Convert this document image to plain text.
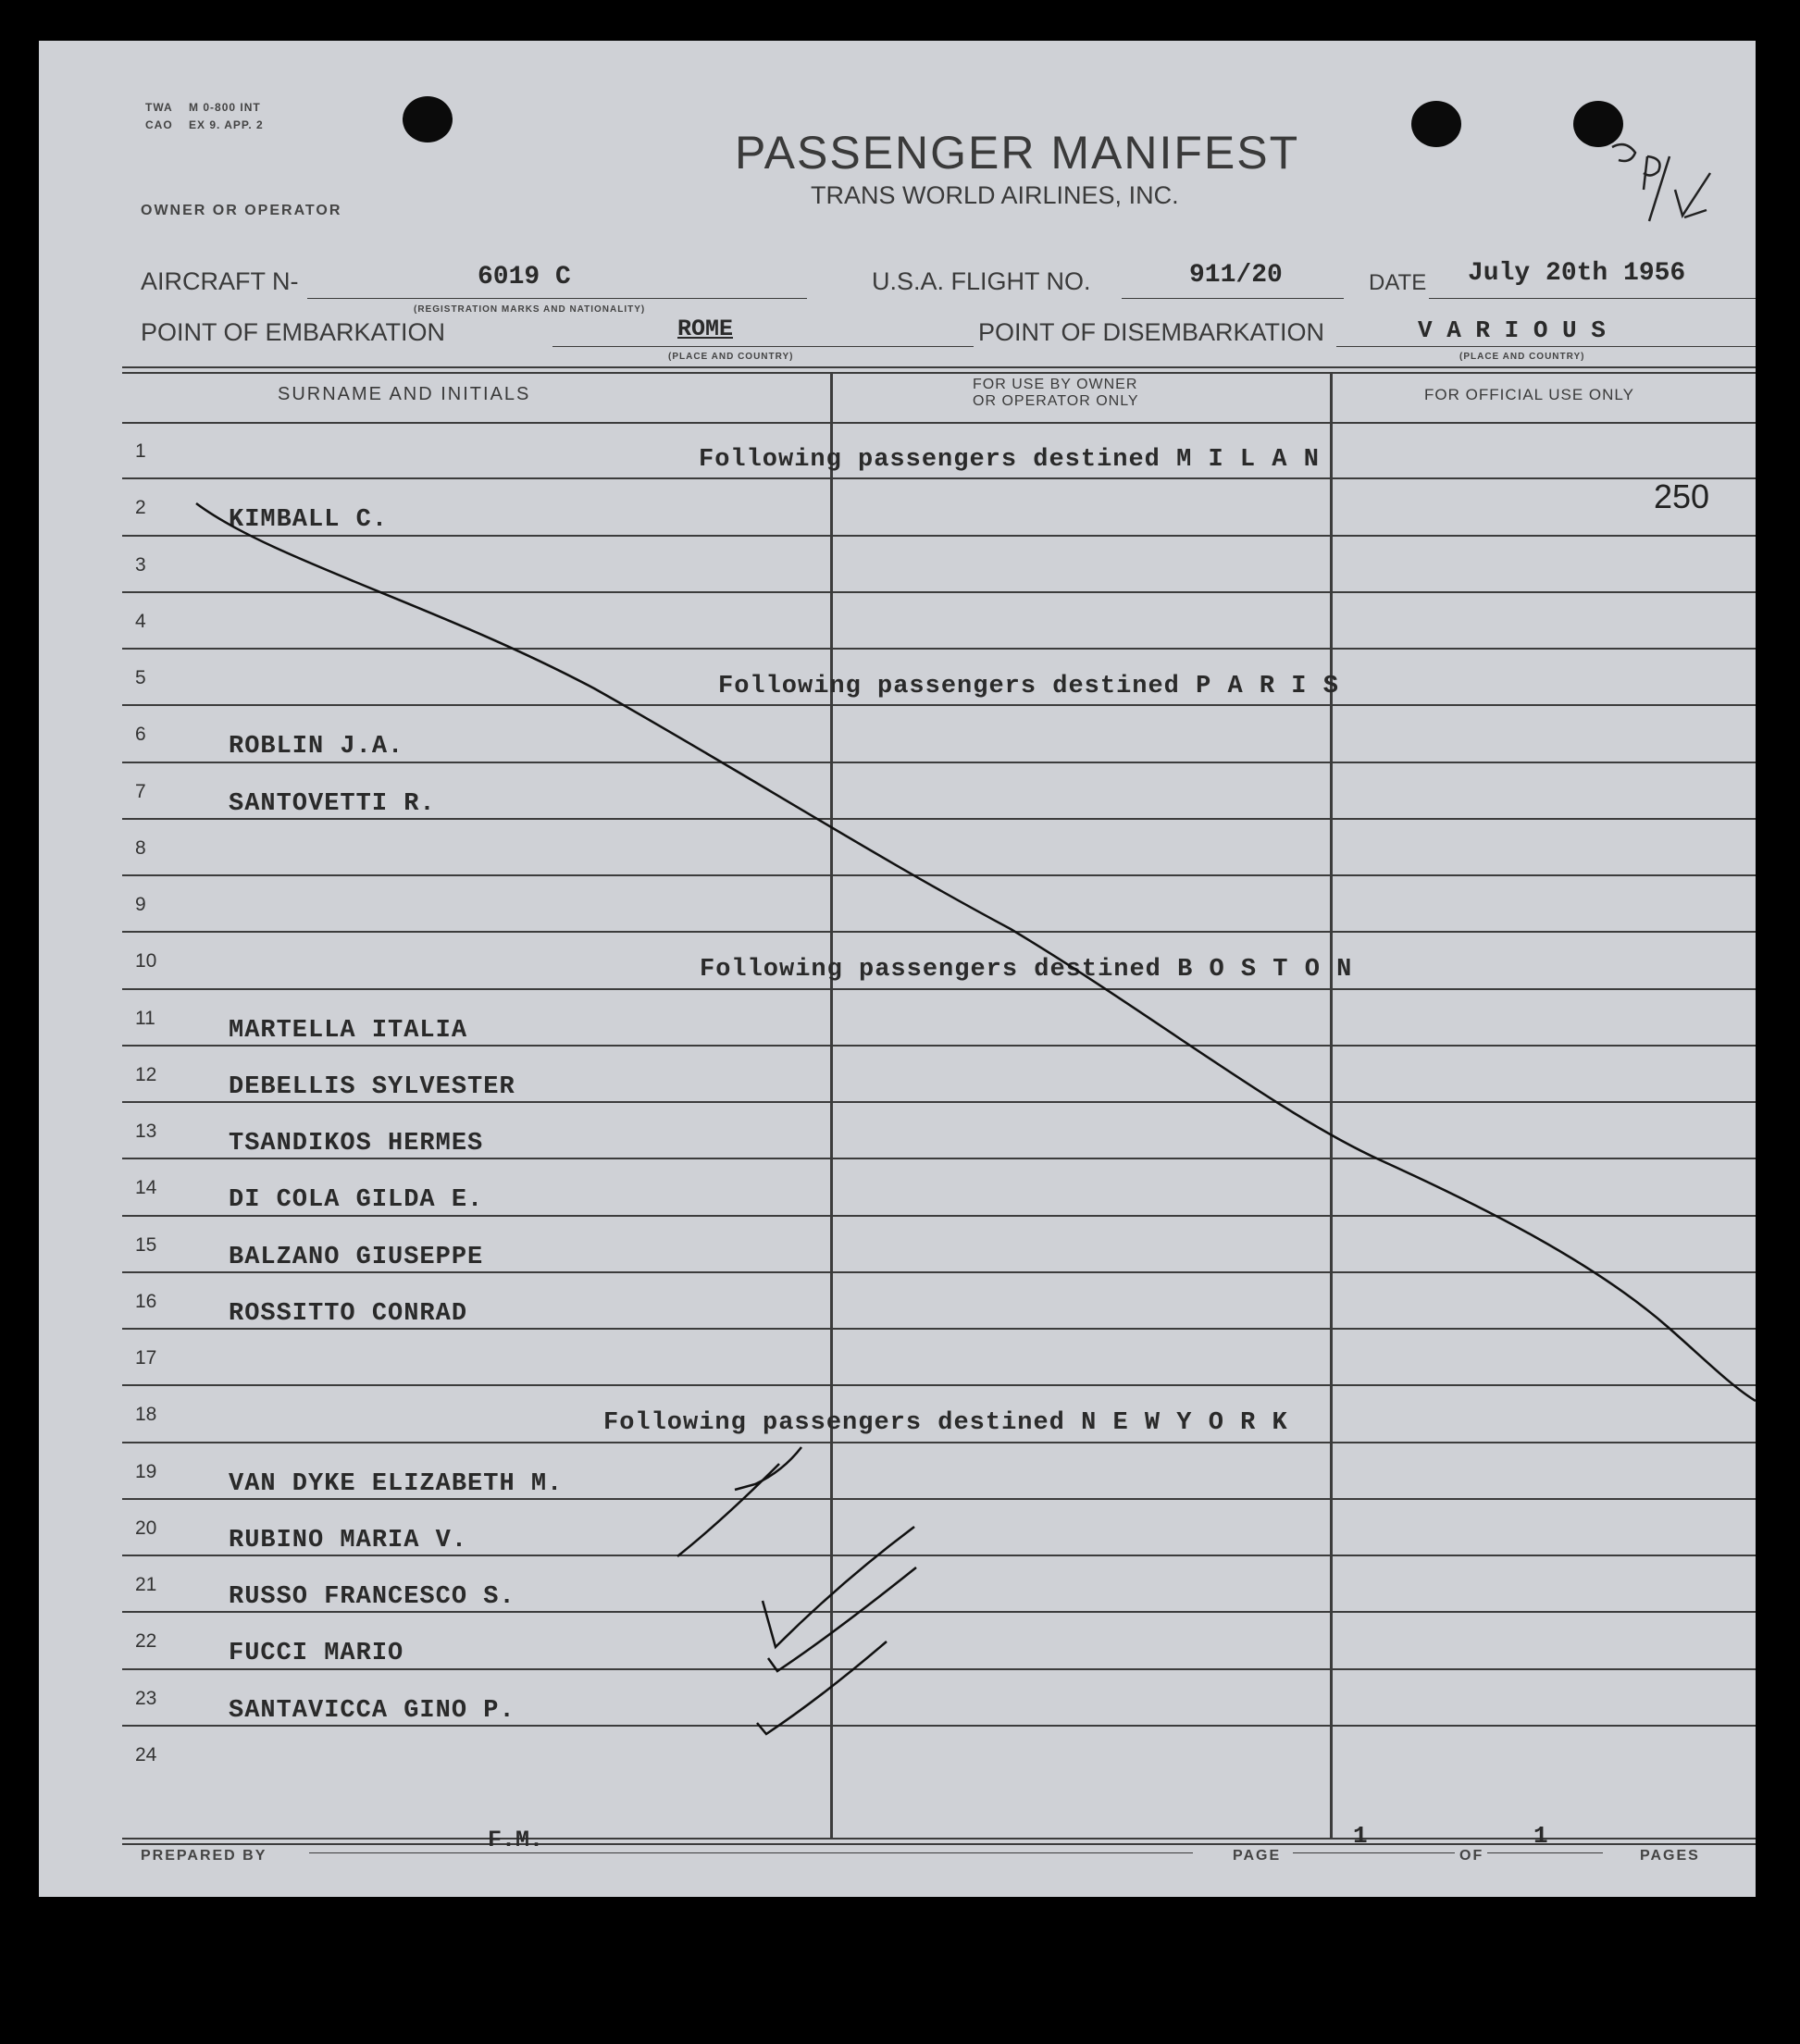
TWA M 0-800 INT
CAO EX 9. APP. 2
PASSENGER MANIFEST
TRANS WORLD AIRLINES, INC.
OWNER OR OPERATOR
AIRCRAFT N-	6019 C
(REGISTRATION MARKS AND NATIONALITY)
U.S.A. FLIGHT NO.	911/20	DATE July 20th 1956
POINT OF EMBARKATION	ROME
(PLACE AND COUNTRY)
POINT OF DISEMBARKATION	V A R I O U S
(PLACE AND COUNTRY)
SURNAME AND INITIALS	FOR USE BY OWNER
OR OPERATOR ONLY	FOR OFFICIAL USE ONLY
1	Following passengers destined M I L A N
2	KIMBALL C.
3
4
5	Following passengers destined P A R I S
6	ROBLIN J.A.
7	SANTOVETTI R.
8
9
10	Following passengers destined B O S T O N
11	MARTELLA ITALIA
12	DEBELLIS SYLVESTER
13	TSANDIKOS HERMES
14	DI COLA GILDA E.
15	BALZANO GIUSEPPE
16	ROSSITTO CONRAD
17
18	Following passengers destined N E W Y O R K
19	VAN DYKE ELIZABETH M.
20	RUBINO MARIA V.
21	RUSSO FRANCESCO S.
22	FUCCI MARIO
23	SANTAVICCA GINO P.
24
250
PREPARED BY
F.M.
PAGE
1
OF
1
PAGES
